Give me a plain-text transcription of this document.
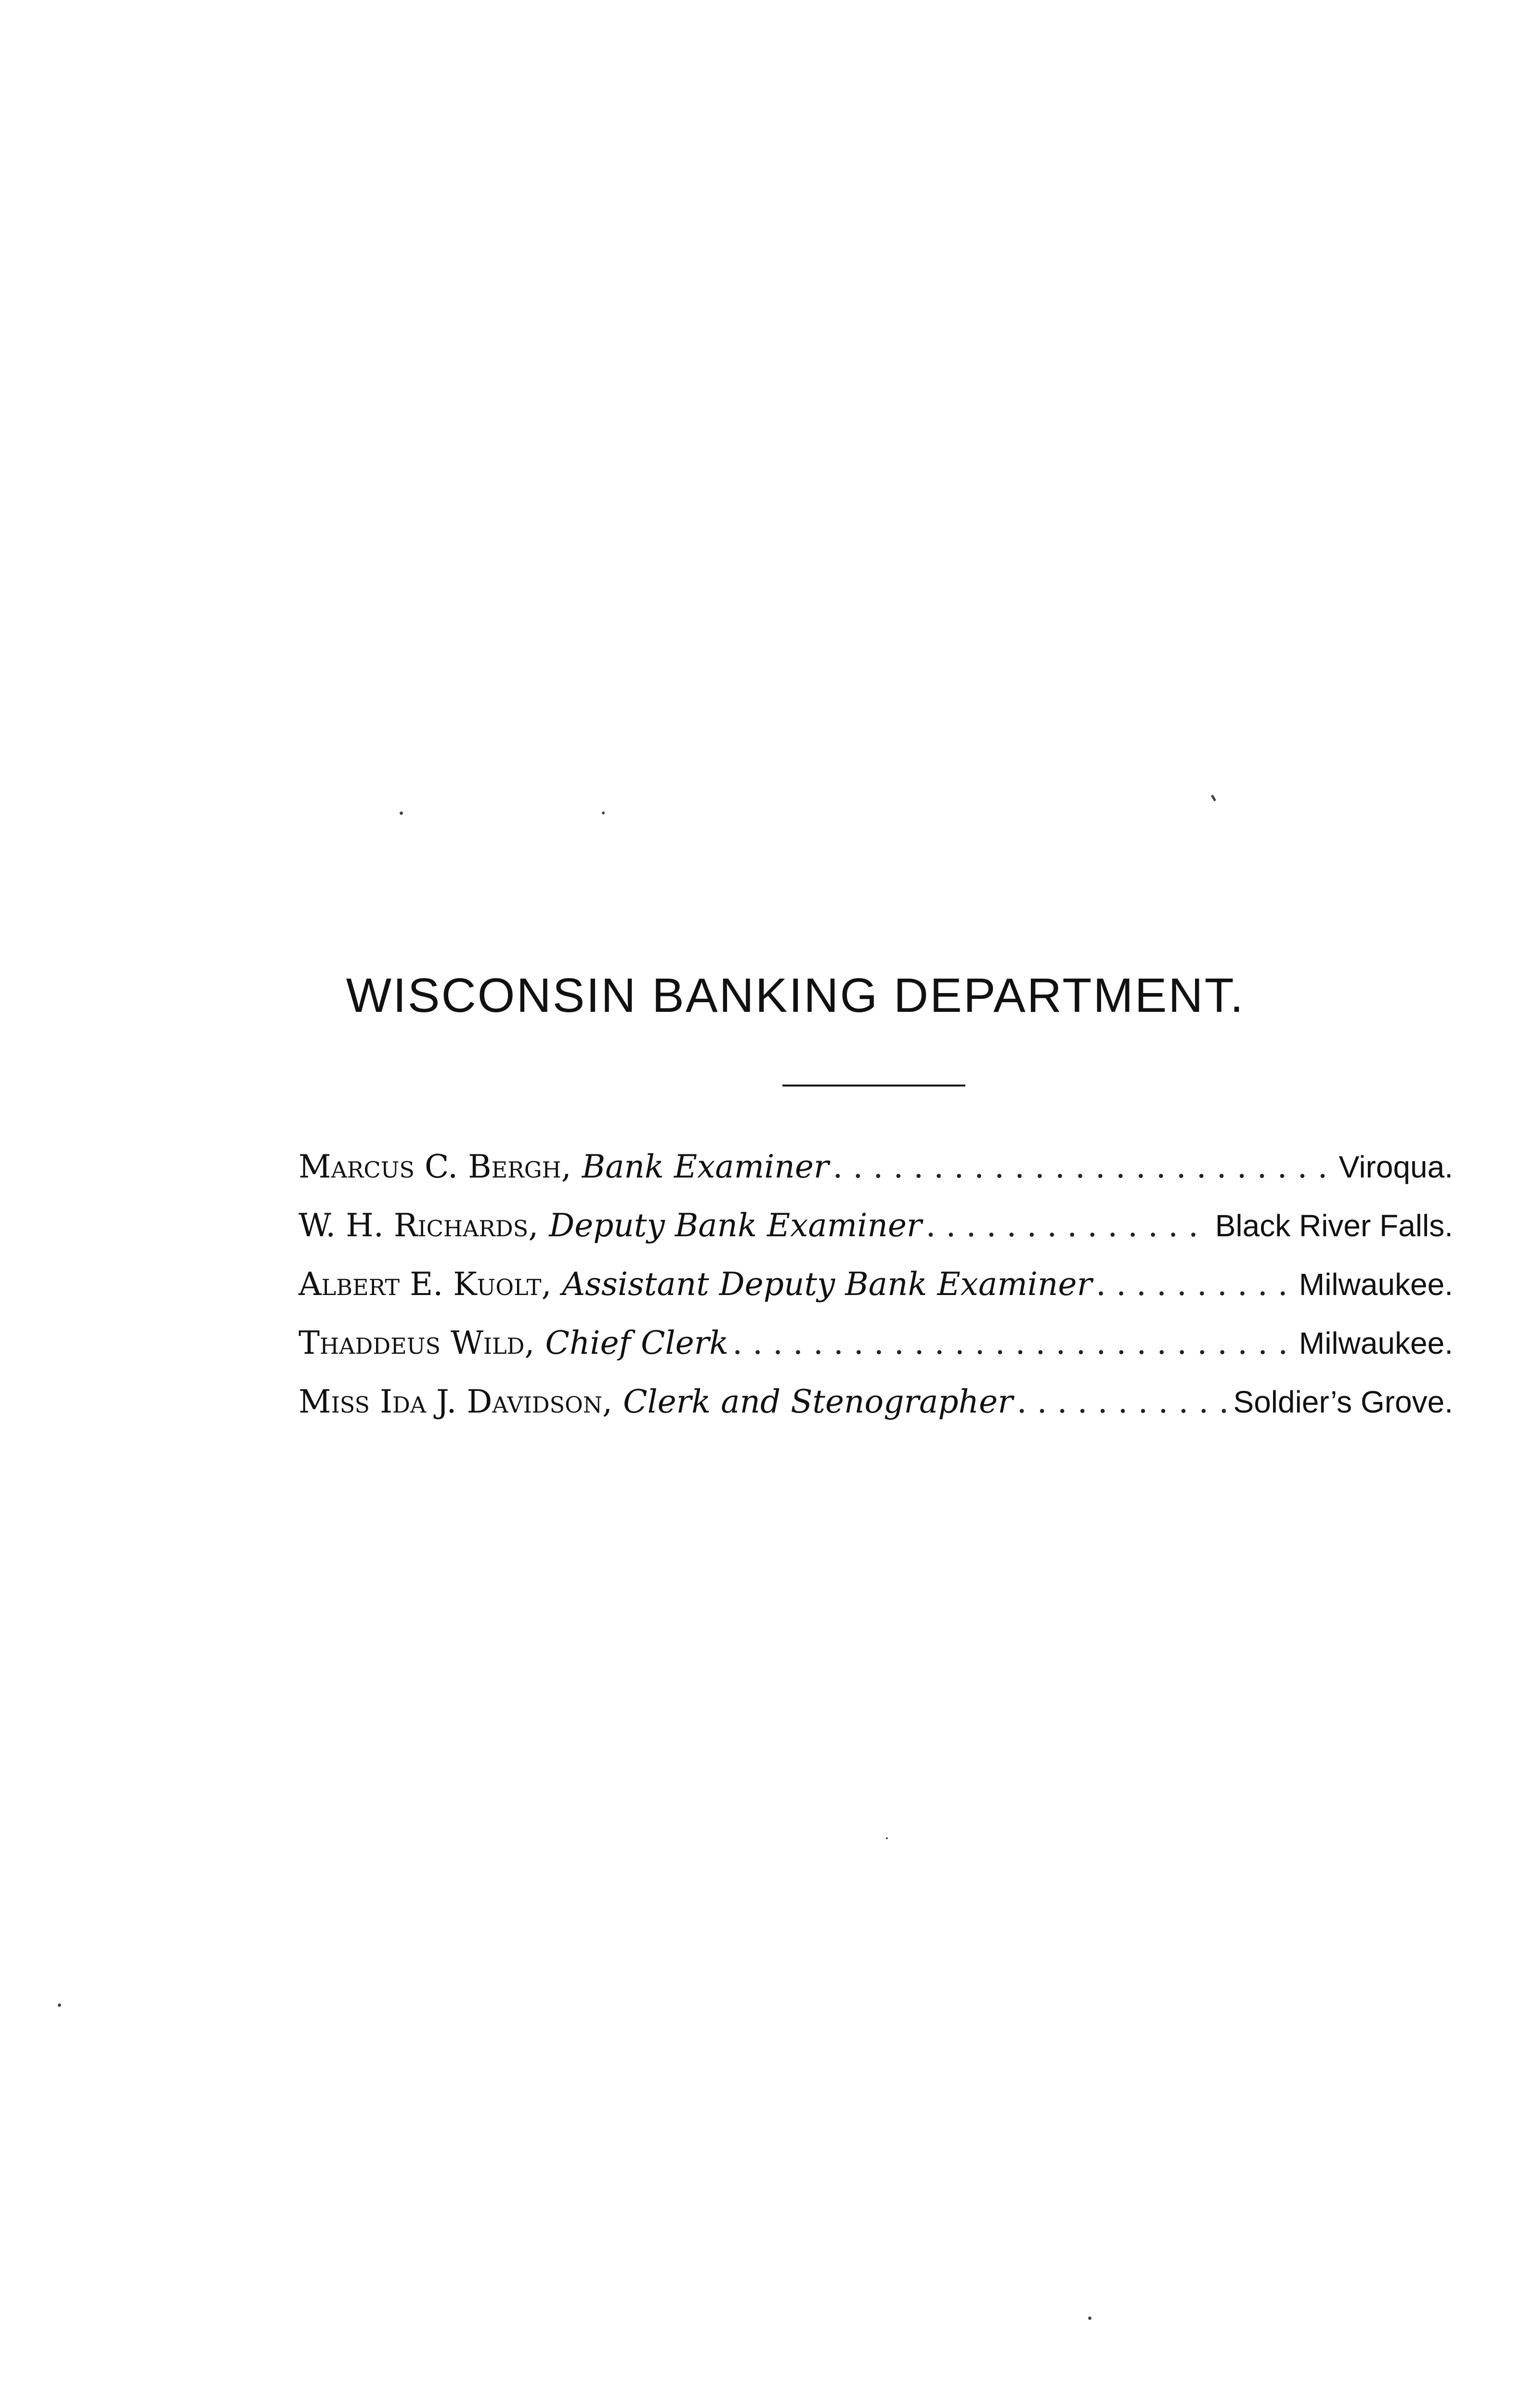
WISCONSIN BANKING DEPARTMENT.
Marcus C. Bergh, Bank Examiner . . .	Viroqua.
W. H. Richards, Deputy Bank Examiner . . .	Black River Falls.
Albert E. Kuolt, Assistant Deputy Bank Examiner . . .	Milwaukee.
Thaddeus Wild, Chief Clerk . . .	Milwaukee.
Miss Ida J. Davidson, Clerk and Stenographer . . .	Soldier’s Grove.
